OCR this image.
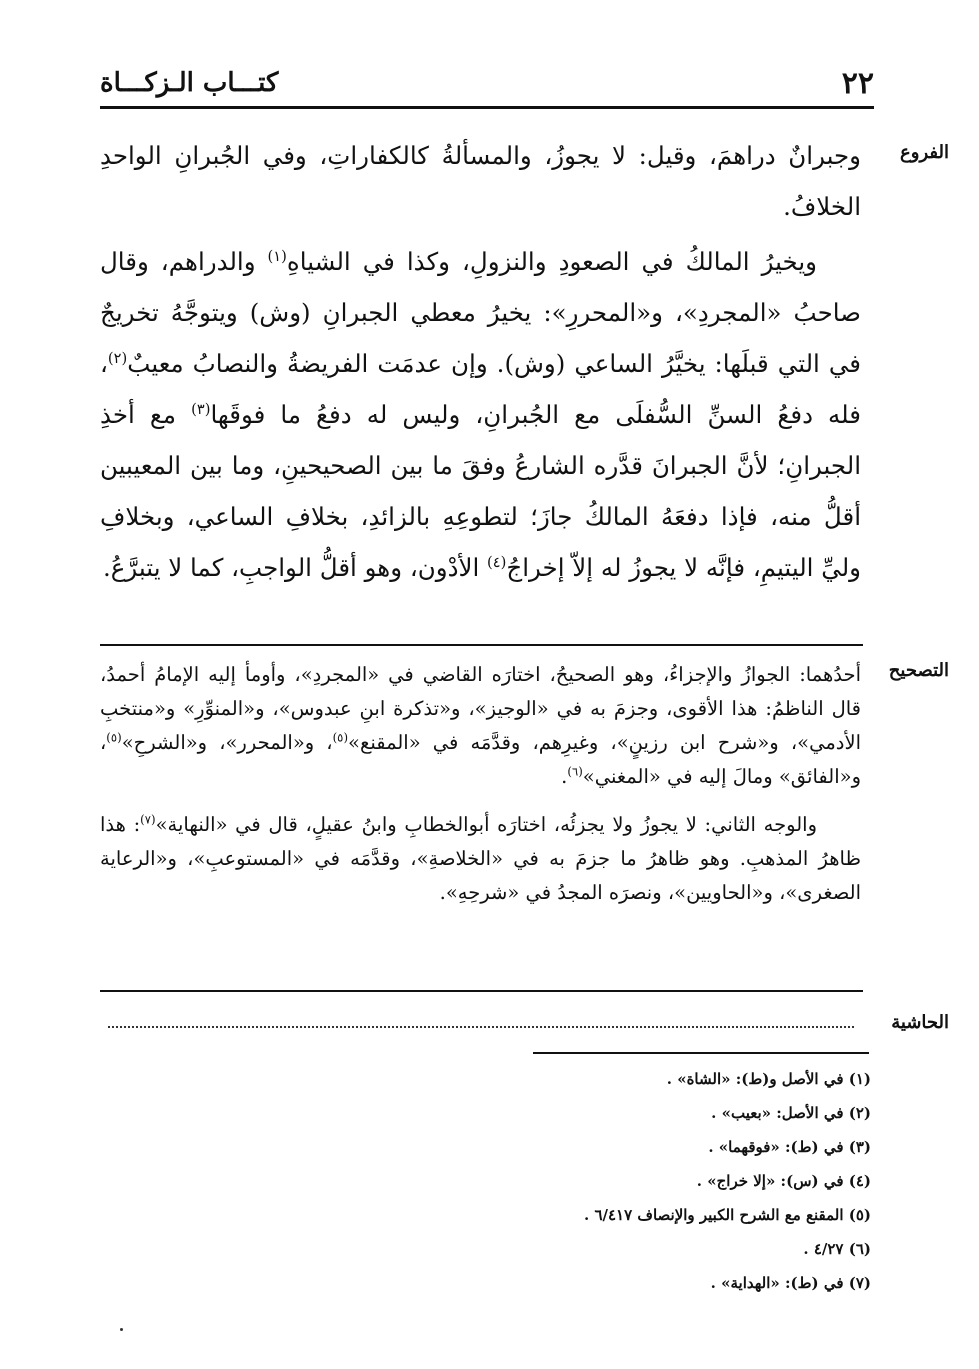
٢٢
كتـــاب الـزكـــاة
الفروع
التصحيح
الحاشية

وجبرانٌ دراهمَ، وقيل: لا يجوزُ، والمسألةُ كالكفاراتِ، وفي الجُبرانِ الواحدِ الخلافُ.

ويخيرُ المالكُ في الصعودِ والنزولِ، وكذا في الشياهِ$^{(١)}$ والدراهم، وقال صاحبُ «المجردِ»، و«المحررِ»: يخيرُ معطي الجبرانِ (وش) ويتوجَّهُ تخريجٌ في التي قبلَها: يخيَّرُ الساعي (وش). وإن عدمَت الفريضةُ والنصابُ معيبٌ$^{(٢)}$، فله دفعُ السنِّ السُّفلَى مع الجُبرانِ، وليس له دفعُ ما فوقَها$^{(٣)}$ مع أخذِ الجبرانِ؛ لأنَّ الجبرانَ قدَّره الشارعُ وفقَ ما بين الصحيحينِ، وما بين المعيبين أقلُّ منه، فإذا دفعَهُ المالكُ جازَ؛ لتطوعِهِ بالزائدِ، بخلافِ الساعي، وبخلافِ وليِّ اليتيمِ، فإنَّه لا يجوزُ له إلاّ إخراجُ$^{(٤)}$ الأدْون، وهو أقلُّ الواجبِ، كما لا يتبرَّعُ.

أحدُهما: الجوازُ والإجزاءُ، وهو الصحيحُ، اختارَه القاضي في «المجردِ»، وأومأ إليه الإمامُ أحمدُ، قال الناظمُ: هذا الأقوى، وجزمَ به في «الوجيز»، و«تذكرة ابنِ عبدوس»، و«المنوِّرِ» و«منتخبِ الأدمي»، و«شرح ابن رزينٍ»، وغيرِهم، وقدَّمَه في «المقنع»$^{(٥)}$، و«المحرر»، و«الشرحِ»$^{(٥)}$، و«الفائق» ومالَ إليه في «المغني»$^{(٦)}$.

والوجه الثاني: لا يجوزُ ولا يجزئُه، اختارَه أبوالخطابِ وابنُ عقيلٍ، قال في «النهاية»$^{(٧)}$: هذا ظاهرُ المذهبِ. وهو ظاهرُ ما جزمَ به في «الخلاصةِ»، وقدَّمَه في «المستوعبِ»، و«الرعاية الصغرى»، و«الحاويين»، ونصرَه المجدُ في «شرحِهِ».

(١) في الأصل و(ط): «الشاة» .
(٢) في الأصل: «بعيب» .
(٣) في (ط): «فوقهما» .
(٤) في (س): «إلا خراج» .
(٥) المقنع مع الشرح الكبير والإنصاف ٦/٤١٧ .
(٦) ٤/٢٧ .
(٧) في (ط): «الهداية» .
